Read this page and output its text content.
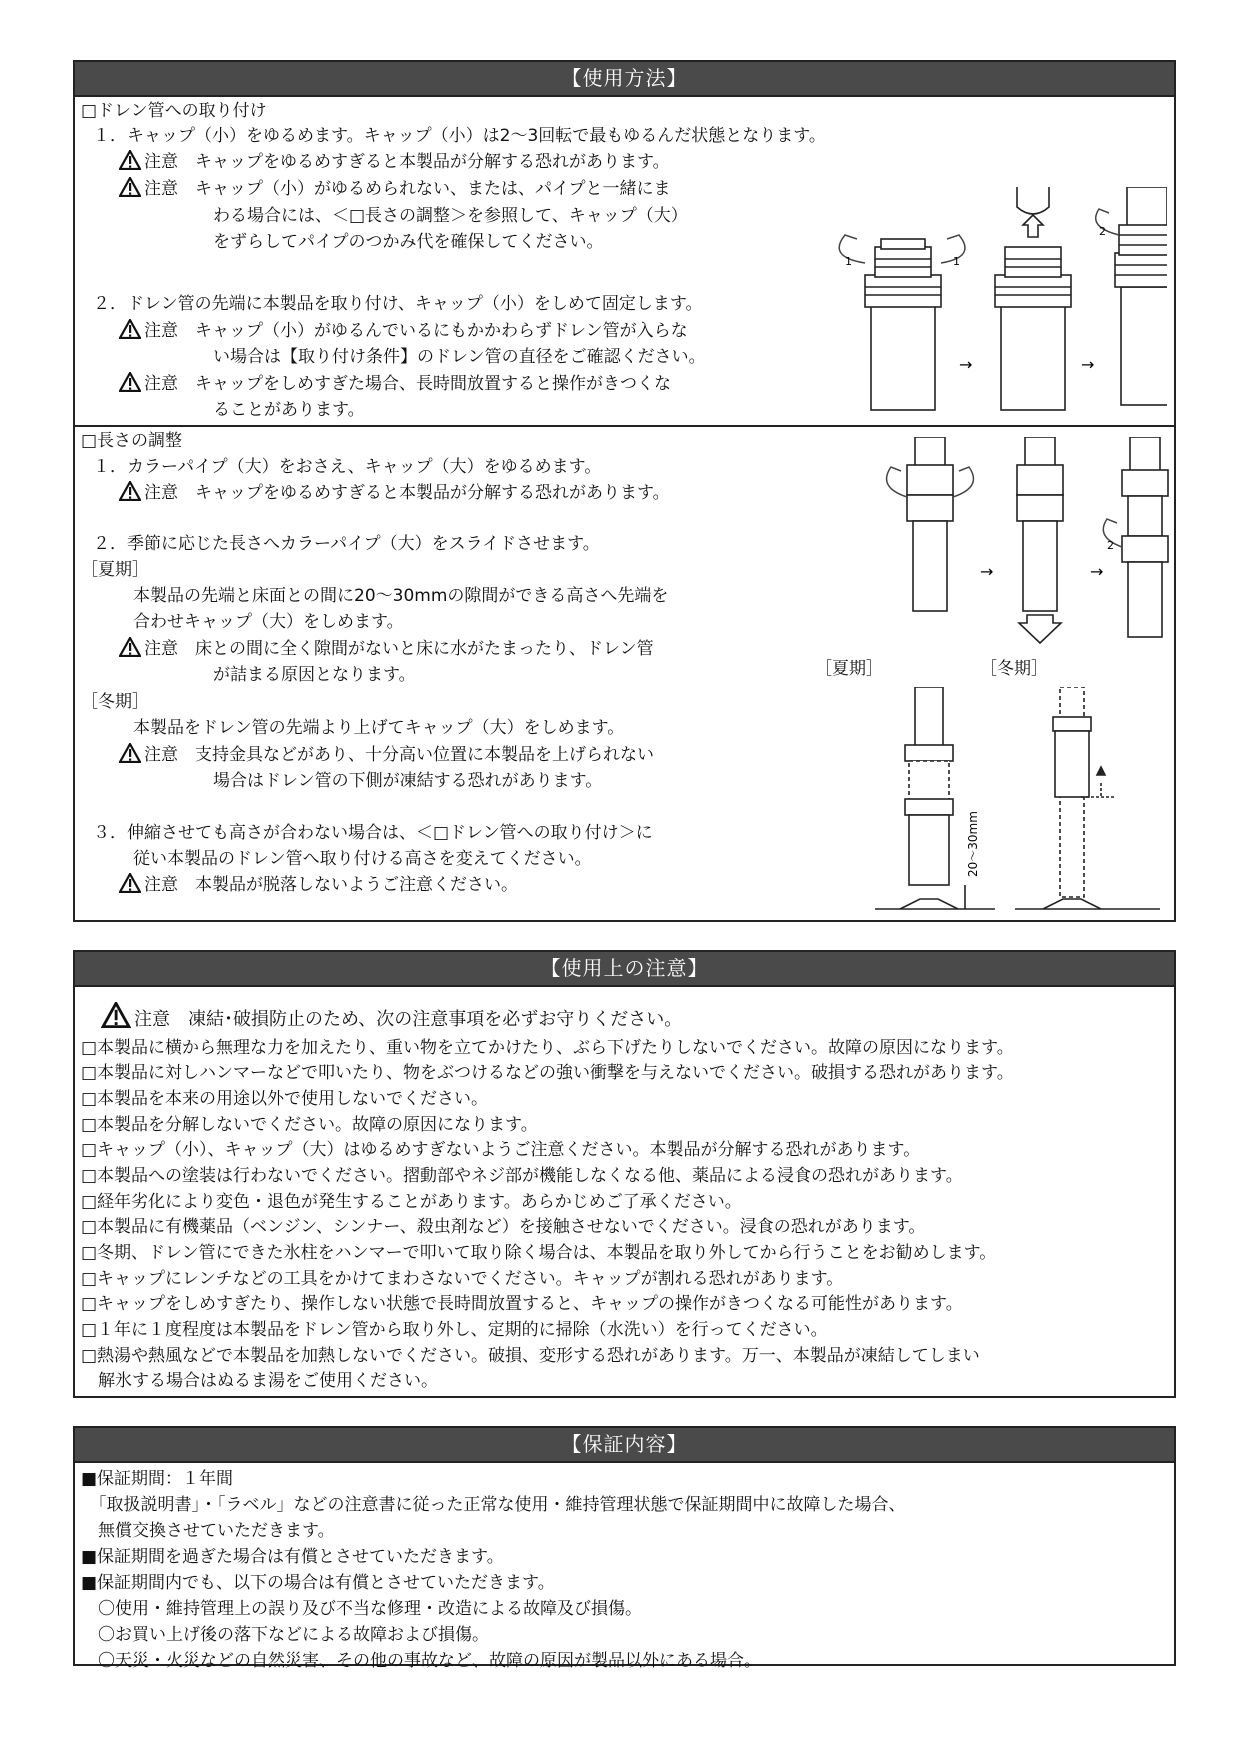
【使用方法】
□ドレン管への取り付け
１．キャップ（小）をゆるめます。キャップ（小）は2〜3回転で最もゆるんだ状態となります。
注意　キャップをゆるめすぎると本製品が分解する恐れがあります。
注意　キャップ（小）がゆるめられない、または、パイプと一緒にま
わる場合には、＜□長さの調整＞を参照して、キャップ（大）
をずらしてパイプのつかみ代を確保してください。
２．ドレン管の先端に本製品を取り付け、キャップ（小）をしめて固定します。
注意　キャップ（小）がゆるんでいるにもかかわらずドレン管が入らな
い場合は【取り付け条件】のドレン管の直径をご確認ください。
注意　キャップをしめすぎた場合、長時間放置すると操作がきつくな
ることがあります。
1	1
2
→	→
□長さの調整
１．カラーパイプ（大）をおさえ、キャップ（大）をゆるめます。
注意　キャップをゆるめすぎると本製品が分解する恐れがあります。
２．季節に応じた長さへカラーパイプ（大）をスライドさせます。
［夏期］
本製品の先端と床面との間に20〜30mmの隙間ができる高さへ先端を
合わせキャップ（大）をしめます。
注意　床との間に全く隙間がないと床に水がたまったり、ドレン管
が詰まる原因となります。
［冬期］
本製品をドレン管の先端より上げてキャップ（大）をしめます。
注意　支持金具などがあり、十分高い位置に本製品を上げられない
場合はドレン管の下側が凍結する恐れがあります。
３．伸縮させても高さが合わない場合は、＜□ドレン管への取り付け＞に
従い本製品のドレン管へ取り付ける高さを変えてください。
注意　本製品が脱落しないようご注意ください。
2
→	→
［夏期］	［冬期］
20〜30mm
【使用上の注意】
注意　凍結･破損防止のため、次の注意事項を必ずお守りください。
□本製品に横から無理な力を加えたり、重い物を立てかけたり、ぶら下げたりしないでください。故障の原因になります。
□本製品に対しハンマーなどで叩いたり、物をぶつけるなどの強い衝撃を与えないでください。破損する恐れがあります。
□本製品を本来の用途以外で使用しないでください。
□本製品を分解しないでください。故障の原因になります。
□キャップ（小）、キャップ（大）はゆるめすぎないようご注意ください。本製品が分解する恐れがあります。
□本製品への塗装は行わないでください。摺動部やネジ部が機能しなくなる他、薬品による浸食の恐れがあります。
□経年劣化により変色・退色が発生することがあります。あらかじめご了承ください。
□本製品に有機薬品（ベンジン、シンナー、殺虫剤など）を接触させないでください。浸食の恐れがあります。
□冬期、ドレン管にできた氷柱をハンマーで叩いて取り除く場合は、本製品を取り外してから行うことをお勧めします。
□キャップにレンチなどの工具をかけてまわさないでください。キャップが割れる恐れがあります。
□キャップをしめすぎたり、操作しない状態で長時間放置すると、キャップの操作がきつくなる可能性があります。
□１年に１度程度は本製品をドレン管から取り外し、定期的に掃除（水洗い）を行ってください。
□熱湯や熱風などで本製品を加熱しないでください。破損、変形する恐れがあります。万一、本製品が凍結してしまい
　解氷する場合はぬるま湯をご使用ください。
【保証内容】
■保証期間：１年間
　「取扱説明書」・「ラベル」などの注意書に従った正常な使用・維持管理状態で保証期間中に故障した場合、
　無償交換させていただきます。
■保証期間を過ぎた場合は有償とさせていただきます。
■保証期間内でも、以下の場合は有償とさせていただきます。
　〇使用・維持管理上の誤り及び不当な修理・改造による故障及び損傷。
　〇お買い上げ後の落下などによる故障および損傷。
　〇天災・火災などの自然災害、その他の事故など、故障の原因が製品以外にある場合。
